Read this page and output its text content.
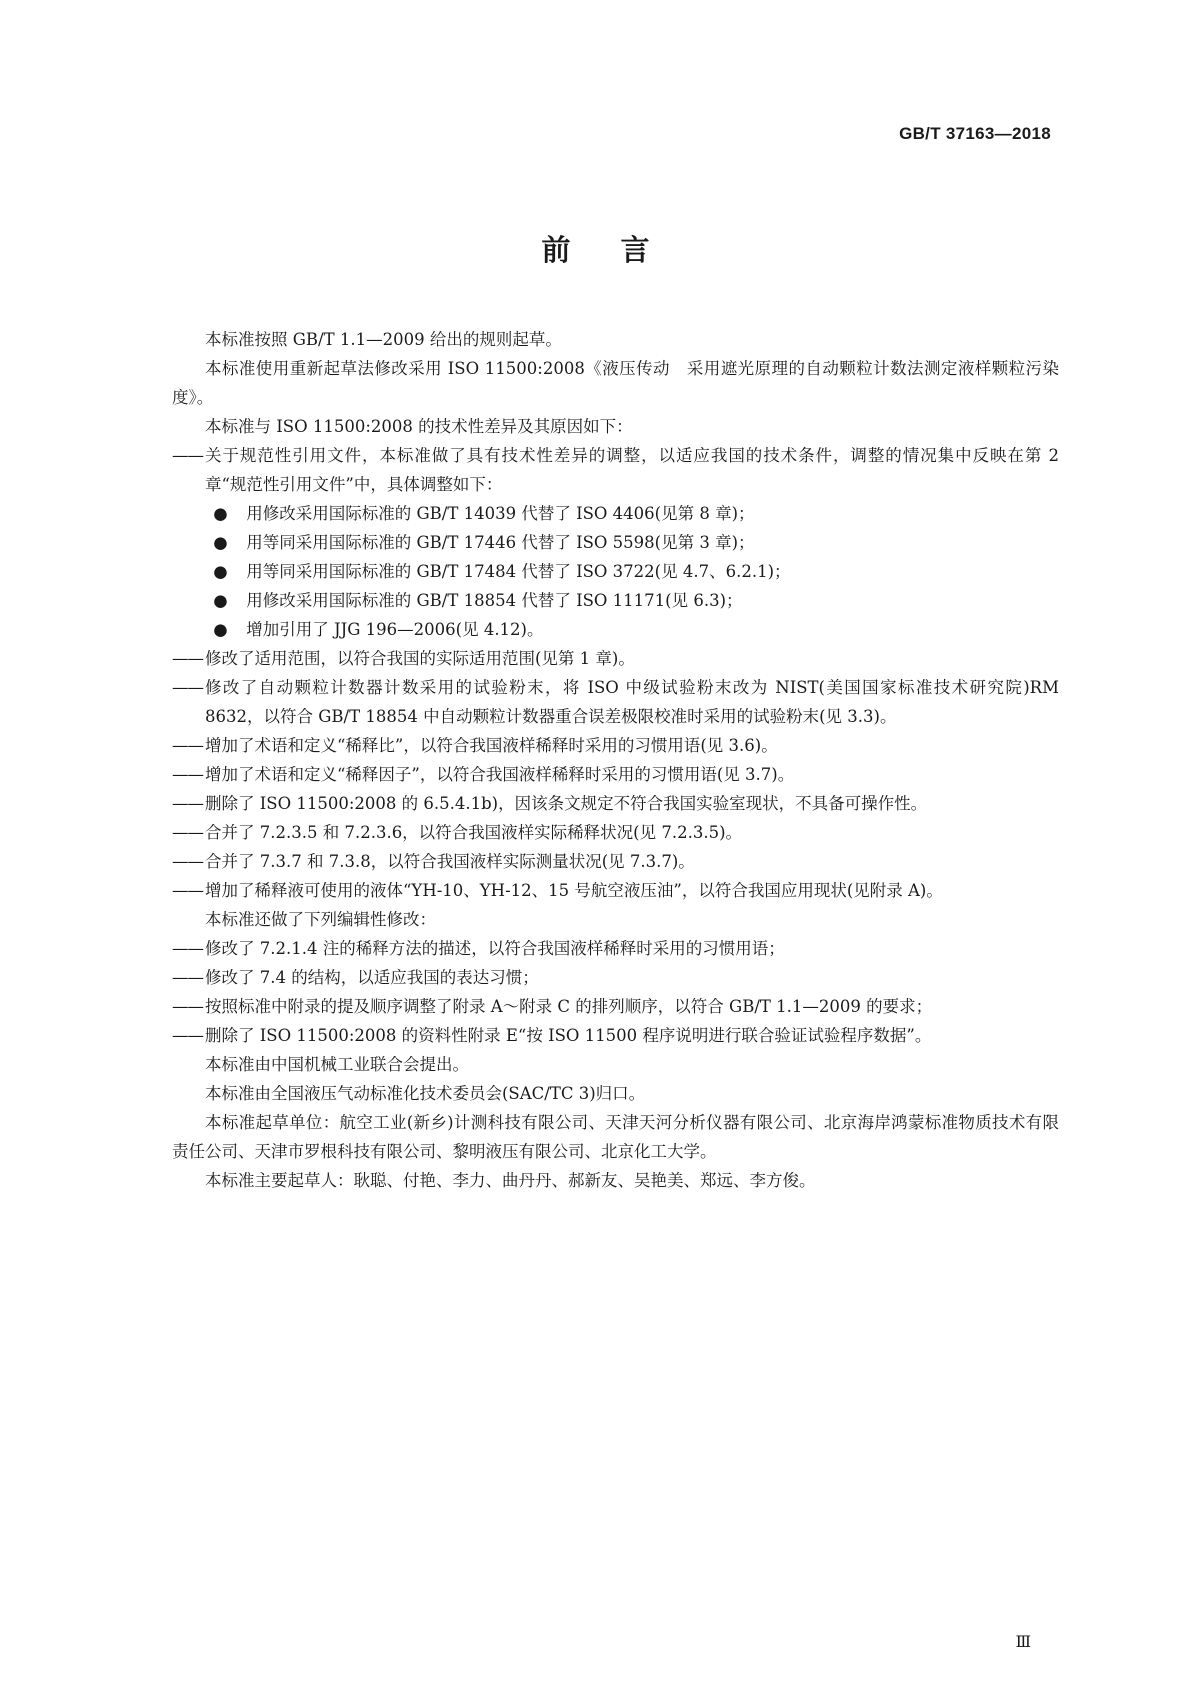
GB/T 37163—2018
前 言
本标准按照 GB/T 1.1—2009 给出的规则起草。
本标准使用重新起草法修改采用 ISO 11500:2008《液压传动　采用遮光原理的自动颗粒计数法测定液样颗粒污染度》。
本标准与 ISO 11500:2008 的技术性差异及其原因如下：
—— 关于规范性引用文件，本标准做了具有技术性差异的调整，以适应我国的技术条件，调整的情况集中反映在第 2 章“规范性引用文件”中，具体调整如下：
● 用修改采用国际标准的 GB/T 14039 代替了 ISO 4406(见第 8 章)；
● 用等同采用国际标准的 GB/T 17446 代替了 ISO 5598(见第 3 章)；
● 用等同采用国际标准的 GB/T 17484 代替了 ISO 3722(见 4.7、6.2.1)；
● 用修改采用国际标准的 GB/T 18854 代替了 ISO 11171(见 6.3)；
● 增加引用了 JJG 196—2006(见 4.12)。
—— 修改了适用范围，以符合我国的实际适用范围(见第 1 章)。
—— 修改了自动颗粒计数器计数采用的试验粉末，将 ISO 中级试验粉末改为 NIST(美国国家标准技术研究院)RM 8632，以符合 GB/T 18854 中自动颗粒计数器重合误差极限校准时采用的试验粉末(见 3.3)。
—— 增加了术语和定义“稀释比”，以符合我国液样稀释时采用的习惯用语(见 3.6)。
—— 增加了术语和定义“稀释因子”，以符合我国液样稀释时采用的习惯用语(见 3.7)。
—— 删除了 ISO 11500:2008 的 6.5.4.1b)，因该条文规定不符合我国实验室现状，不具备可操作性。
—— 合并了 7.2.3.5 和 7.2.3.6，以符合我国液样实际稀释状况(见 7.2.3.5)。
—— 合并了 7.3.7 和 7.3.8，以符合我国液样实际测量状况(见 7.3.7)。
—— 增加了稀释液可使用的液体“YH-10、YH-12、15 号航空液压油”，以符合我国应用现状(见附录 A)。
本标准还做了下列编辑性修改：
—— 修改了 7.2.1.4 注的稀释方法的描述，以符合我国液样稀释时采用的习惯用语；
—— 修改了 7.4 的结构，以适应我国的表达习惯；
—— 按照标准中附录的提及顺序调整了附录 A～附录 C 的排列顺序，以符合 GB/T 1.1—2009 的要求；
—— 删除了 ISO 11500:2008 的资料性附录 E“按 ISO 11500 程序说明进行联合验证试验程序数据”。
本标准由中国机械工业联合会提出。
本标准由全国液压气动标准化技术委员会(SAC/TC 3)归口。
本标准起草单位：航空工业(新乡)计测科技有限公司、天津天河分析仪器有限公司、北京海岸鸿蒙标准物质技术有限责任公司、天津市罗根科技有限公司、黎明液压有限公司、北京化工大学。
本标准主要起草人：耿聪、付艳、李力、曲丹丹、郝新友、吴艳美、郑远、李方俊。
Ⅲ
